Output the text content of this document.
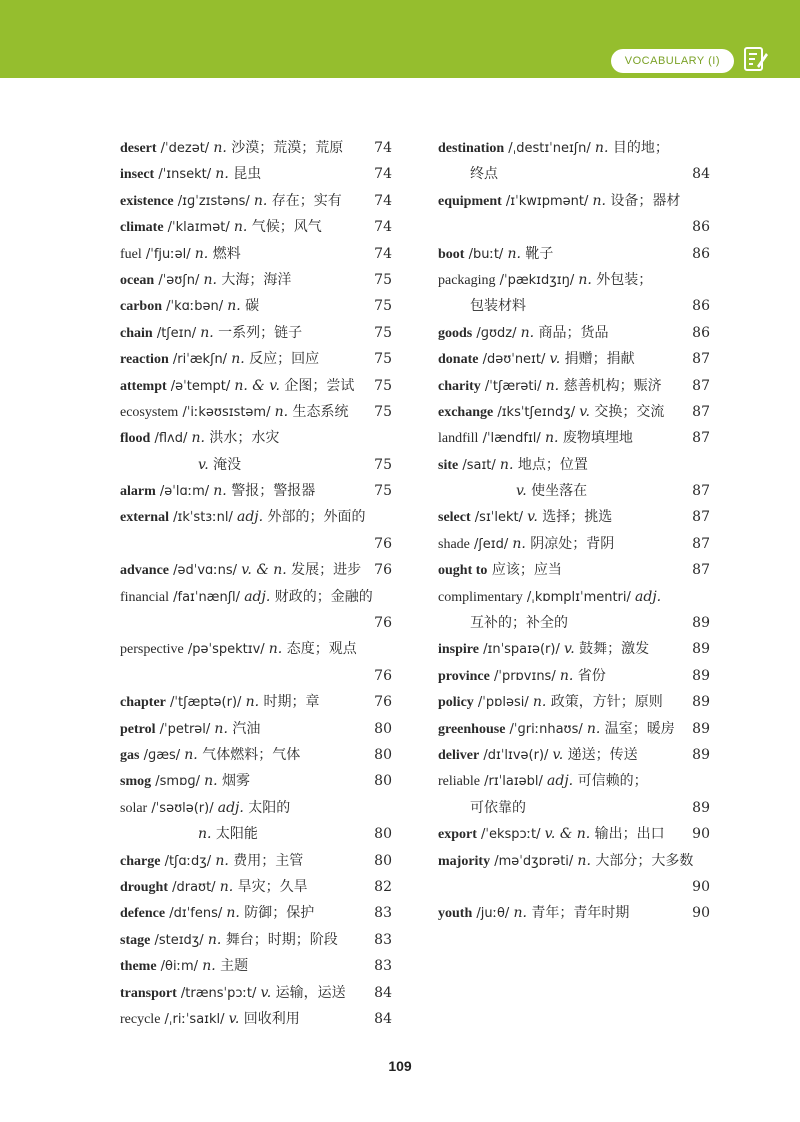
VOCABULARY (I)
desert /ˈdezət/ n. 沙漠；荒漠；荒原 74
insect /ˈɪnsekt/ n. 昆虫	74
existence /ɪɡˈzɪstəns/ n. 存在；实有 74
climate /ˈklaɪmət/ n. 气候；风气	74
fuel /ˈfjuːəl/ n. 燃料	74
ocean /ˈəʊʃn/ n. 大海；海洋	75
carbon /ˈkɑːbən/ n. 碳	75
chain /tʃeɪn/ n. 一系列；链子	75
reaction /riˈækʃn/ n. 反应；回应	75
attempt /əˈtempt/ n. & v. 企图；尝试 75
ecosystem /ˈiːkəʊsɪstəm/ n. 生态系统 75
flood /flʌd/ n. 洪水；水灾
v. 淹没	75
alarm /əˈlɑːm/ n. 警报；警报器	75
external /ɪkˈstɜːnl/ adj. 外部的；外面的
76
advance /ədˈvɑːns/ v. & n. 发展；进步 76
financial /faɪˈnænʃl/ adj. 财政的；金融的
76
perspective /pəˈspektɪv/ n. 态度；观点
76
chapter /ˈtʃæptə(r)/ n. 时期；章	76
petrol /ˈpetrəl/ n. 汽油	80
gas /ɡæs/ n. 气体燃料；气体	80
smog /smɒɡ/ n. 烟雾	80
solar /ˈsəʊlə(r)/ adj. 太阳的
n. 太阳能	80
charge /tʃɑːdʒ/ n. 费用；主管	80
drought /draʊt/ n. 旱灾；久旱	82
defence /dɪˈfens/ n. 防御；保护	83
stage /steɪdʒ/ n. 舞台；时期；阶段	83
theme /θiːm/ n. 主题	83
transport /trænsˈpɔːt/ v. 运输，运送 84
recycle /ˌriːˈsaɪkl/ v. 回收利用	84
destination /ˌdestɪˈneɪʃn/ n. 目的地；
终点	84
equipment /ɪˈkwɪpmənt/ n. 设备；器材
86
boot /buːt/ n. 靴子	86
packaging /ˈpækɪdʒɪŋ/ n. 外包装；
包装材料	86
goods /ɡʊdz/ n. 商品；货品	86
donate /dəʊˈneɪt/ v. 捐赠；捐献	87
charity /ˈtʃærəti/ n. 慈善机构；赈济 87
exchange /ɪksˈtʃeɪndʒ/ v. 交换；交流 87
landfill /ˈlændfɪl/ n. 废物填埋地	87
site /saɪt/ n. 地点；位置
v. 使坐落在	87
select /sɪˈlekt/ v. 选择；挑选	87
shade /ʃeɪd/ n. 阴凉处；背阴	87
ought to 应该；应当	87
complimentary /ˌkɒmplɪˈmentri/ adj.
互补的；补全的	89
inspire /ɪnˈspaɪə(r)/ v. 鼓舞；激发	89
province /ˈprɒvɪns/ n. 省份	89
policy /ˈpɒləsi/ n. 政策，方针；原则 89
greenhouse /ˈɡriːnhaʊs/ n. 温室；暖房 89
deliver /dɪˈlɪvə(r)/ v. 递送；传送	89
reliable /rɪˈlaɪəbl/ adj. 可信赖的；
可依靠的	89
export /ˈekspɔːt/ v. & n. 输出；出口 90
majority /məˈdʒɒrəti/ n. 大部分；大多数
90
youth /juːθ/ n. 青年；青年时期	90
109
